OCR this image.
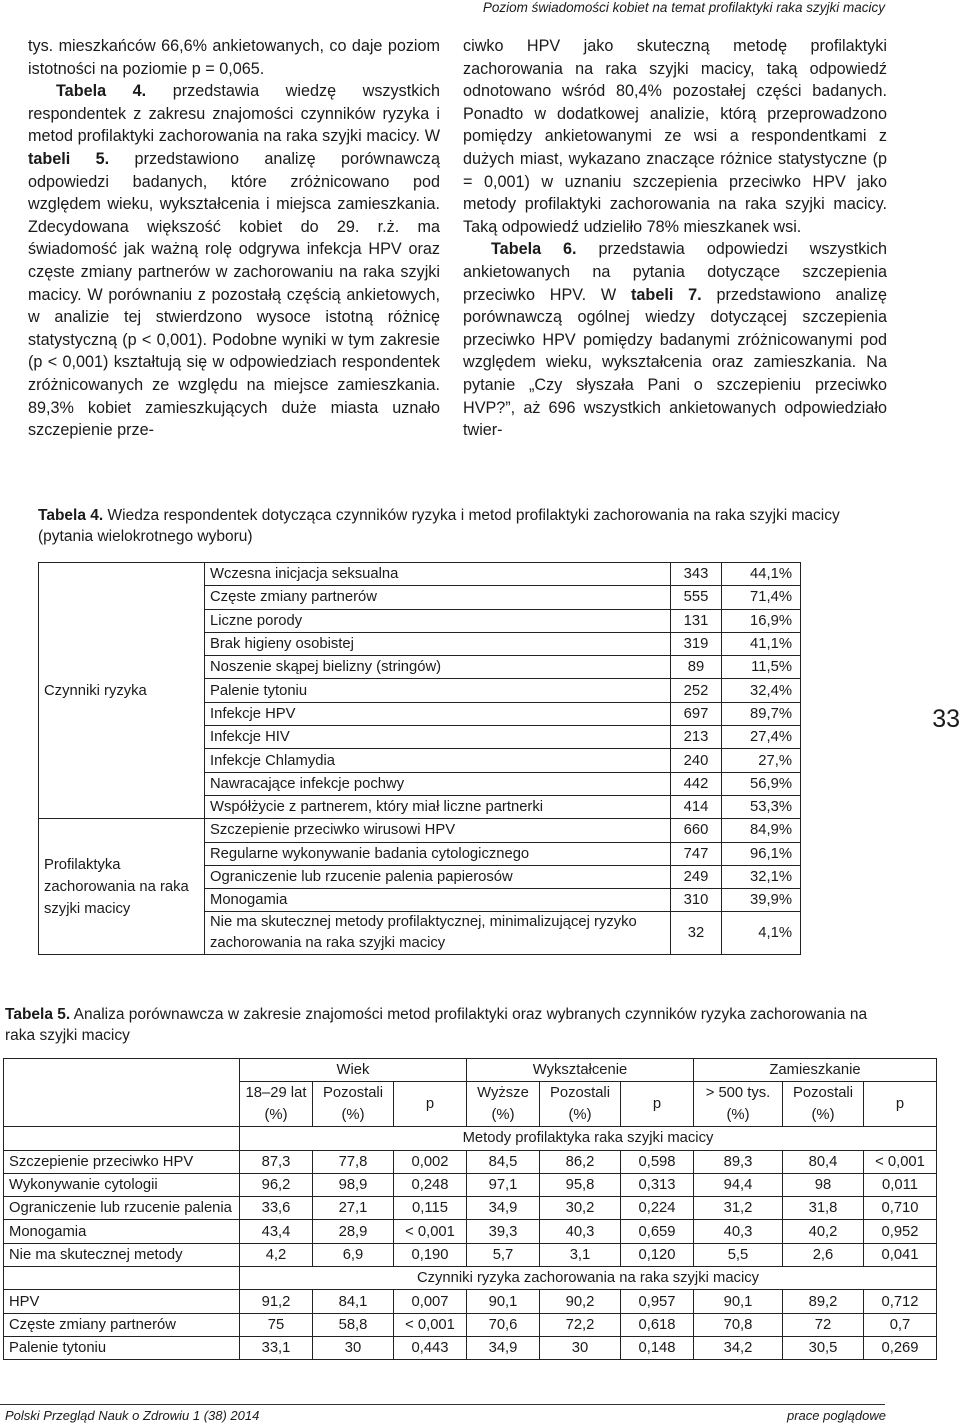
Poziom świadomości kobiet na temat profilaktyki raka szyjki macicy

tys. mieszkańców 66,6% ankietowanych, co daje poziom istotności na poziomie p = 0,065.

Tabela 4. przedstawia wiedzę wszystkich respondentek z zakresu znajomości czynników ryzyka i metod profilaktyki zachorowania na raka szyjki macicy. W tabeli 5. przedstawiono analizę porównawczą odpowiedzi badanych, które zróżnicowano pod względem wieku, wykształcenia i miejsca zamieszkania. Zdecydowana większość kobiet do 29. r.ż. ma świadomość jak ważną rolę odgrywa infekcja HPV oraz częste zmiany partnerów w zachorowaniu na raka szyjki macicy. W porównaniu z pozostałą częścią ankietowych, w analizie tej stwierdzono wysoce istotną różnicę statystyczną (p < 0,001). Podobne wyniki w tym zakresie (p < 0,001) kształtują się w odpowiedziach respondentek zróżnicowanych ze względu na miejsce zamieszkania. 89,3% kobiet zamieszkujących duże miasta uznało szczepienie prze-

ciwko HPV jako skuteczną metodę profilaktyki zachorowania na raka szyjki macicy, taką odpowiedź odnotowano wśród 80,4% pozostałej części badanych. Ponadto w dodatkowej analizie, którą przeprowadzono pomiędzy ankietowanymi ze wsi a respondentkami z dużych miast, wykazano znaczące różnice statystyczne (p = 0,001) w uznaniu szczepienia przeciwko HPV jako metody profilaktyki zachorowania na raka szyjki macicy. Taką odpowiedź udzieliło 78% mieszkanek wsi.

Tabela 6. przedstawia odpowiedzi wszystkich ankietowanych na pytania dotyczące szczepienia przeciwko HPV. W tabeli 7. przedstawiono analizę porównawczą ogólnej wiedzy dotyczącej szczepienia przeciwko HPV pomiędzy badanymi zróżnicowanymi pod względem wieku, wykształcenia oraz zamieszkania. Na pytanie „Czy słyszała Pani o szczepieniu przeciwko HVP?”, aż 696 wszystkich ankietowanych odpowiedziało twier-

Tabela 4. Wiedza respondentek dotycząca czynników ryzyka i metod profilaktyki zachorowania na raka szyjki macicy (pytania wielokrotnego wyboru)
Czynniki ryzyka	Wczesna inicjacja seksualna	343	44,1%
	Częste zmiany partnerów	555	71,4%
	Liczne porody	131	16,9%
	Brak higieny osobistej	319	41,1%
	Noszenie skąpej bielizny (stringów)	89	11,5%
	Palenie tytoniu	252	32,4%
	Infekcje HPV	697	89,7%
	Infekcje HIV	213	27,4%
	Infekcje Chlamydia	240	27,%
	Nawracające infekcje pochwy	442	56,9%
	Współżycie z partnerem, który miał liczne partnerki	414	53,3%
Profilaktyka zachorowania na raka szyjki macicy	Szczepienie przeciwko wirusowi HPV	660	84,9%
	Regularne wykonywanie badania cytologicznego	747	96,1%
	Ograniczenie lub rzucenie palenia papierosów	249	32,1%
	Monogamia	310	39,9%
	Nie ma skutecznej metody profilaktycznej, minimalizującej ryzyko zachorowania na raka szyjki macicy	32	4,1%
33
Tabela 5. Analiza porównawcza w zakresie znajomości metod profilaktyki oraz wybranych czynników ryzyka zachorowania na raka szyjki macicy
	Wiek			Wykształcenie			Zamieszkanie		
	18–29 lat (%)	Pozostali (%)	p	Wyższe (%)	Pozostali (%)	p	> 500 tys. (%)	Pozostali (%)	p
	Metody profilaktyka raka szyjki macicy								
Szczepienie przeciwko HPV	87,3	77,8	0,002	84,5	86,2	0,598	89,3	80,4	< 0,001
Wykonywanie cytologii	96,2	98,9	0,248	97,1	95,8	0,313	94,4	98	0,011
Ograniczenie lub rzucenie palenia	33,6	27,1	0,115	34,9	30,2	0,224	31,2	31,8	0,710
Monogamia	43,4	28,9	< 0,001	39,3	40,3	0,659	40,3	40,2	0,952
Nie ma skutecznej metody	4,2	6,9	0,190	5,7	3,1	0,120	5,5	2,6	0,041
	Czynniki ryzyka zachorowania na raka szyjki macicy								
HPV	91,2	84,1	0,007	90,1	90,2	0,957	90,1	89,2	0,712
Częste zmiany partnerów	75	58,8	< 0,001	70,6	72,2	0,618	70,8	72	0,7
Palenie tytoniu	33,1	30	0,443	34,9	30	0,148	34,2	30,5	0,269
Polski Przegląd Nauk o Zdrowiu 1 (38) 2014	prace poglądowe
